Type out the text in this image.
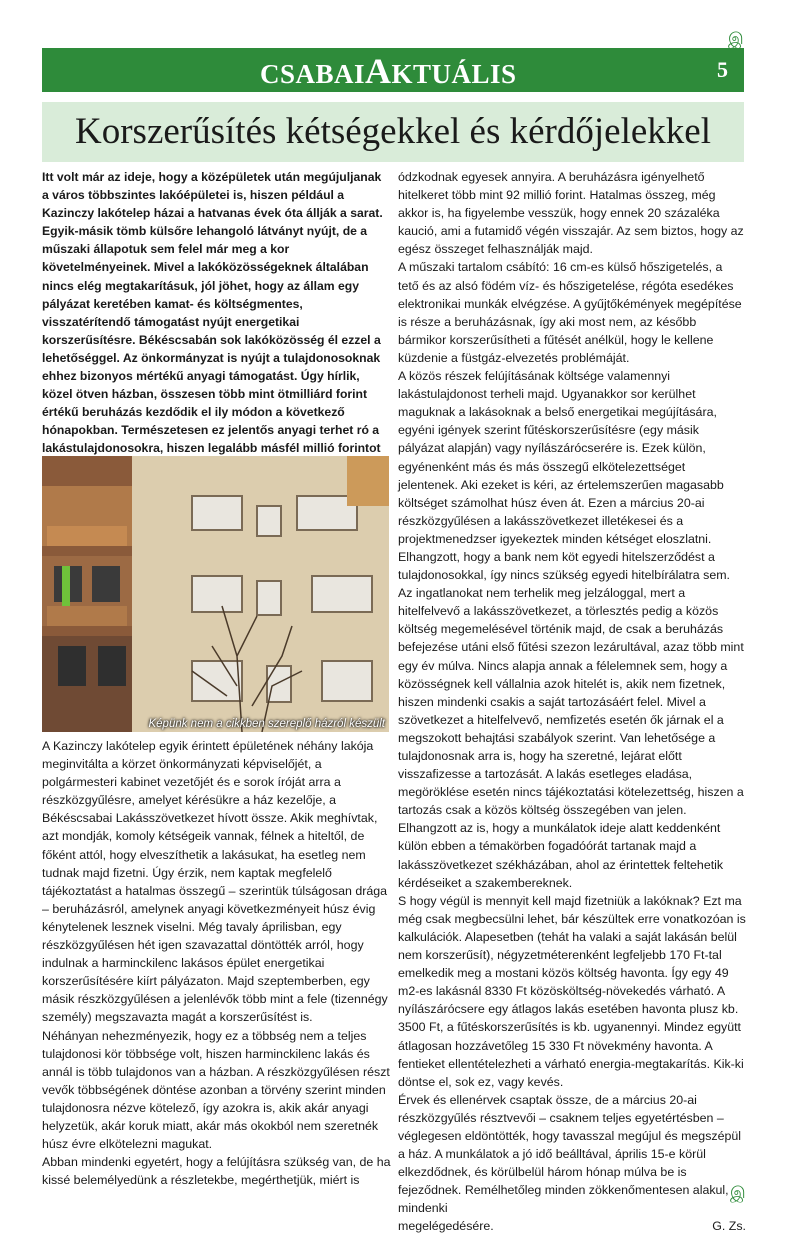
இ
CSABAIAKTUÁLIS	5
Korszerűsítés kétségekkel és kérdőjelekkel

Itt volt már az ideje, hogy a középületek után megújuljanak a város többszintes lakóépületei is, hiszen például a Kazinczy lakótelep házai a hatvanas évek óta állják a sarat. Egyik-másik tömb külsőre lehangoló látványt nyújt, de a műszaki állapotuk sem felel már meg a kor követelményeinek. Mivel a lakóközösségeknek általában nincs elég megtakarításuk, jól jöhet, hogy az állam egy pályázat keretében kamat- és költségmentes, visszatérítendő támogatást nyújt energetikai korszerűsítésre. Békéscsabán sok lakóközösség él ezzel a lehetőséggel. Az önkormányzat is nyújt a tulajdonosoknak ehhez bizonyos mértékű anyagi támogatást. Úgy hírlik, közel ötven házban, összesen több mint ötmilliárd forint értékű beruházás kezdődik el ily módon a következő hónapokban. Természetesen ez jelentős anyagi terhet ró a lakástulajdonosokra, hiszen legalább másfél millió forintot

Képünk nem a cikkben szereplő házról készült

A Kazinczy lakótelep egyik érintett épületének néhány lakója meginvitálta a körzet önkormányzati képviselőjét, a polgármesteri kabinet vezetőjét és e sorok íróját arra a részközgyűlésre, amelyet kérésükre a ház kezelője, a Békéscsabai Lakásszövetkezet hívott össze. Akik meghívtak, azt mondják, komoly kétségeik vannak, félnek a hiteltől, de főként attól, hogy elveszíthetik a lakásukat, ha esetleg nem tudnak majd fizetni. Úgy érzik, nem kaptak megfelelő tájékoztatást a hatalmas összegű – szerintük túlságosan drága – beruházásról, amelynek anyagi következményeit húsz évig kénytelenek lesznek viselni. Még tavaly áprilisban, egy részközgyűlésen hét igen szavazattal döntötték arról, hogy indulnak a harminckilenc lakásos épület energetikai korszerűsítésére kiírt pályázaton. Majd szeptemberben, egy másik részközgyűlésen a jelenlévők több mint a fele (tizennégy személy) megszavazta magát a korszerűsítést is.

Néhányan nehezményezik, hogy ez a többség nem a teljes tulajdonosi kör többsége volt, hiszen harminckilenc lakás és annál is több tulajdonos van a házban. A részközgyűlésen részt vevők többségének döntése azonban a törvény szerint minden tulajdonosra nézve kötelező, így azokra is, akik akár anyagi helyzetük, akár koruk miatt, akár más okokból nem szeretnék húsz évre elkötelezni magukat.

Abban mindenki egyetért, hogy a felújításra szükség van, de ha kissé belemélyedünk a részletekbe, megérthetjük, miért is

ódzkodnak egyesek annyira. A beruházásra igényelhető hitelkeret több mint 92 millió forint. Hatalmas összeg, még akkor is, ha figyelembe vesszük, hogy ennek 20 százaléka kaució, ami a futamidő végén visszajár. Az sem biztos, hogy az egész összeget felhasználják majd.

A műszaki tartalom csábító: 16 cm-es külső hőszigetelés, a tető és az alsó födém víz- és hőszigetelése, régóta esedékes elektronikai munkák elvégzése. A gyűjtőkémények megépítése is része a beruházásnak, így aki most nem, az később bármikor korszerűsítheti a fűtését anélkül, hogy le kellene küzdenie a füstgáz-elvezetés problémáját.

A közös részek felújításának költsége valamennyi lakástulajdonost terheli majd. Ugyanakkor sor kerülhet maguknak a lakásoknak a belső energetikai megújítására, egyéni igények szerint fűtéskorszerűsítésre (egy másik pályázat alapján) vagy nyílászárócserére is. Ezek külön, egyénenként más és más összegű elkötelezettséget jelentenek. Aki ezeket is kéri, az értelemszerűen magasabb költséget számolhat húsz éven át. Ezen a március 20-ai részközgyűlésen a lakásszövetkezet illetékesei és a projektmenedzser igyekeztek minden kétséget eloszlatni. Elhangzott, hogy a bank nem köt egyedi hitelszerződést a tulajdonosokkal, így nincs szükség egyedi hitelbírálatra sem. Az ingatlanokat nem terhelik meg jelzáloggal, mert a hitelfelvevő a lakásszövetkezet, a törlesztés pedig a közös költség megemelésével történik majd, de csak a beruházás befejezése utáni első fűtési szezon lezárultával, azaz több mint egy év múlva. Nincs alapja annak a félelemnek sem, hogy a közösségnek kell vállalnia azok hitelét is, akik nem fizetnek, hiszen mindenki csakis a saját tartozásáért felel. Mivel a szövetkezet a hitelfelvevő, nemfizetés esetén ők járnak el a megszokott behajtási szabályok szerint. Van lehetősége a tulajdonosnak arra is, hogy ha szeretné, lejárat előtt visszafizesse a tartozását. A lakás esetleges eladása, megöröklése esetén nincs tájékoztatási kötelezettség, hiszen a tartozás csak a közös költség összegében van jelen.

Elhangzott az is, hogy a munkálatok ideje alatt keddenként külön ebben a témakörben fogadóórát tartanak majd a lakásszövetkezet székházában, ahol az érintettek feltehetik kérdéseiket a szakembereknek.

S hogy végül is mennyit kell majd fizetniük a lakóknak? Ezt ma még csak megbecsülni lehet, bár készültek erre vonatkozóan is kalkulációk. Alapesetben (tehát ha valaki a saját lakásán belül nem korszerűsít), négyzetméterenként legfeljebb 170 Ft-tal emelkedik meg a mostani közös költség havonta. Így egy 49 m2-es lakásnál 8330 Ft közösköltség-növekedés várható. A nyílászárócsere egy átlagos lakás esetében havonta plusz kb. 3500 Ft, a fűtéskorszerűsítés is kb. ugyanennyi. Mindez együtt átlagosan hozzávetőleg 15 330 Ft növekmény havonta. A fentieket ellentételezheti a várható energia-megtakarítás. Kik-ki döntse el, sok ez, vagy kevés.

Érvek és ellenérvek csaptak össze, de a március 20-ai részközgyűlés résztvevői – csaknem teljes egyetértésben – véglegesen eldöntötték, hogy tavasszal megújul és megszépül a ház. A munkálatok a jó idő beálltával, április 15-e körül elkezdődnek, és körülbelül három hónap múlva be is fejeződnek. Remélhetőleg minden zökkenőmentesen alakul, mindenki

megelégedésére.	G. Zs.
இ
